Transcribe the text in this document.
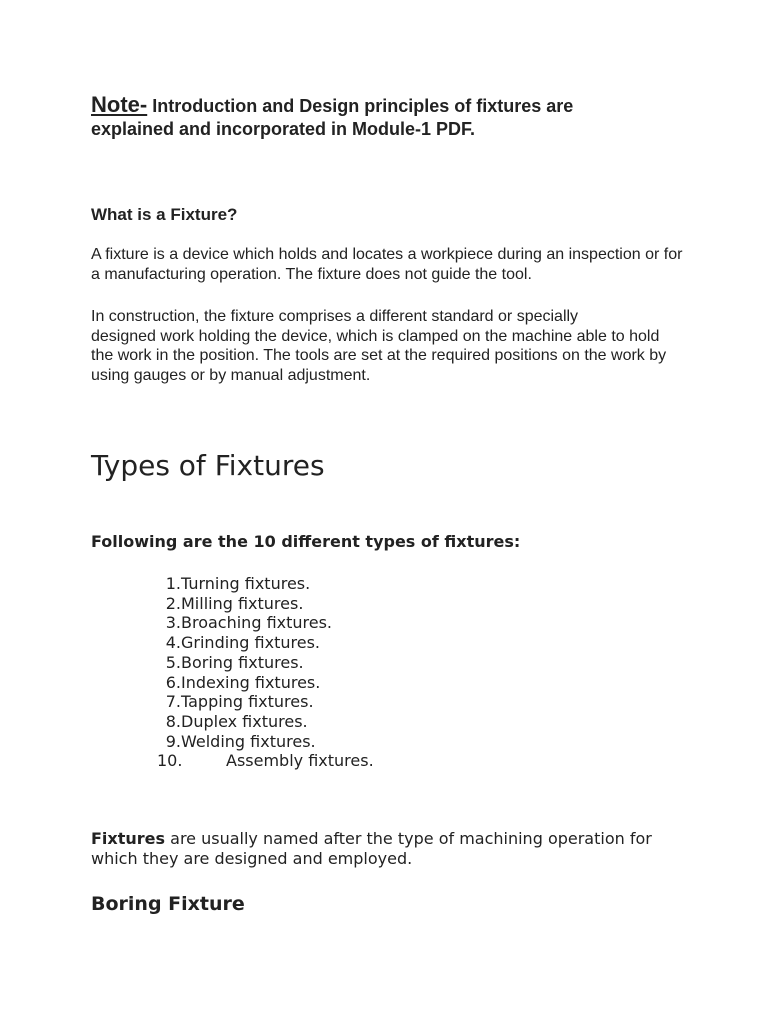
Note- Introduction and Design principles of fixtures are explained and incorporated in Module-1 PDF.
What is a Fixture?
A fixture is a device which holds and locates a workpiece during an inspection or for a manufacturing operation. The fixture does not guide the tool.
In construction, the fixture comprises a different standard or specially
designed work holding the device, which is clamped on the machine able to hold the work in the position. The tools are set at the required positions on the work by using gauges or by manual adjustment.
Types of Fixtures
Following are the 10 different types of fixtures:
1. Turning fixtures.
2. Milling fixtures.
3. Broaching fixtures.
4. Grinding fixtures.
5. Boring fixtures.
6. Indexing fixtures.
7. Tapping fixtures.
8. Duplex fixtures.
9. Welding fixtures.
10.	Assembly fixtures.
Fixtures are usually named after the type of machining operation for which they are designed and employed.
Boring Fixture
